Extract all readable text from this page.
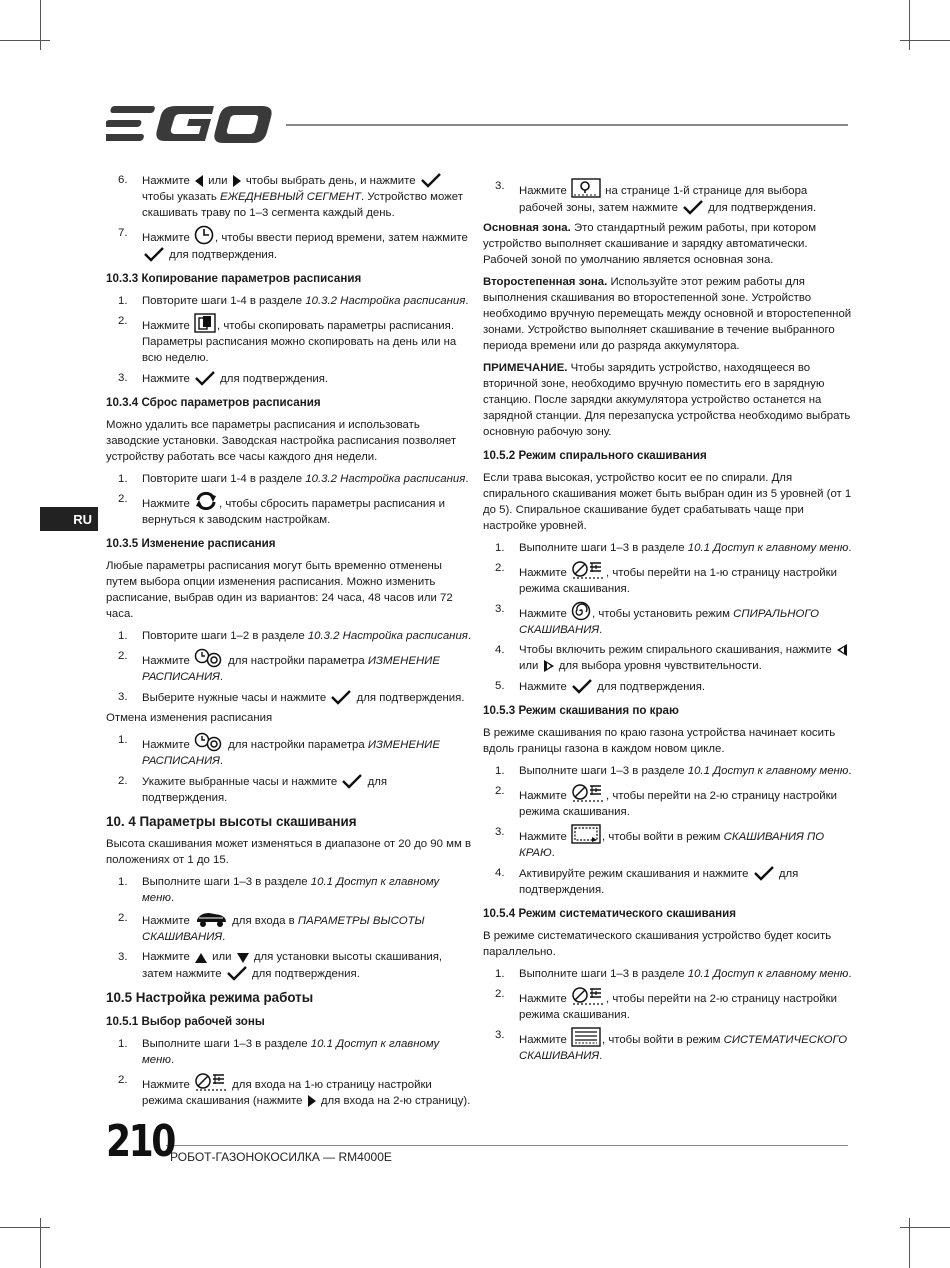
RU
6.	Нажмите или чтобы выбрать день, и нажмите  чтобы указать ЕЖЕДНЕВНЫЙ СЕГМЕНТ. Устройство может скашивать траву по 1–3 сегмента каждый день.
7.	Нажмите , чтобы ввести период времени, затем нажмите  для подтверждения.
10.3.3 Копирование параметров расписания
1.	Повторите шаги 1-4 в разделе 10.3.2 Настройка расписания.
2.	Нажмите , чтобы скопировать параметры расписания. Параметры расписания можно скопировать на день или на всю неделю.
3.	Нажмите	для подтверждения.
10.3.4 Сброс параметров расписания

Можно удалить все параметры расписания и использовать заводские установки. Заводская настройка расписания позволяет устройству работать все часы каждого дня недели.

1.	Повторите шаги 1-4 в разделе 10.3.2 Настройка расписания.
2.	Нажмите	, чтобы сбросить параметры расписания и вернуться к заводским настройкам.
10.3.5 Изменение расписания

Любые параметры расписания могут быть временно отменены путем выбора опции изменения расписания. Можно изменить расписание, выбрав один из вариантов: 24 часа, 48 часов или 72 часа.

1.	Повторите шаги 1–2 в разделе 10.3.2 Настройка расписания.
2.	Нажмите	для настройки параметра ИЗМЕНЕНИЕ РАСПИСАНИЯ.
3.	Выберите нужные часы и нажмите	для подтверждения.

Отмена изменения расписания

1.	Нажмите	для настройки параметра ИЗМЕНЕНИЕ РАСПИСАНИЯ.
2.	Укажите выбранные часы и нажмите	для подтверждения.
10. 4 Параметры высоты скашивания

Высота скашивания может изменяться в диапазоне от 20 до 90 мм в положениях от 1 до 15.

1.	Выполните шаги 1–3 в разделе 10.1 Доступ к главному меню.
2.	Нажмите	для входа в ПАРАМЕТРЫ ВЫСОТЫ СКАШИВАНИЯ.
3.	Нажмите или для установки высоты скашивания, затем нажмите	для подтверждения.
10.5 Настройка режима работы
10.5.1 Выбор рабочей зоны
1.	Выполните шаги 1–3 в разделе 10.1 Доступ к главному меню.
2.	Нажмите	для входа на 1-ю страницу настройки режима скашивания (нажмите для входа на 2-ю страницу).
3.	Нажмите	на странице 1-й странице для выбора рабочей зоны, затем нажмите	для подтверждения.

Основная зона. Это стандартный режим работы, при котором устройство выполняет скашивание и зарядку автоматически. Рабочей зоной по умолчанию является основная зона.

Второстепенная зона. Используйте этот режим работы для выполнения скашивания во второстепенной зоне. Устройство необходимо вручную перемещать между основной и второстепенной зонами. Устройство выполняет скашивание в течение выбранного периода времени или до разряда аккумулятора.

ПРИМЕЧАНИЕ. Чтобы зарядить устройство, находящееся во вторичной зоне, необходимо вручную поместить его в зарядную станцию. После зарядки аккумулятора устройство останется на зарядной станции. Для перезапуска устройства необходимо выбрать основную рабочую зону.

10.5.2 Режим спирального скашивания

Если трава высокая, устройство косит ее по спирали. Для спирального скашивания может быть выбран один из 5 уровней (от 1 до 5). Спиральное скашивание будет срабатывать чаще при настройке уровней.

1.	Выполните шаги 1–3 в разделе 10.1 Доступ к главному меню.
2.	Нажмите	, чтобы перейти на 1-ю страницу настройки режима скашивания.
3.	Нажмите , чтобы установить режим СПИРАЛЬНОГО СКАШИВАНИЯ.
4.	Чтобы включить режим спирального скашивания, нажмите  или для выбора уровня чувствительности.
5.	Нажмите	для подтверждения.
10.5.3 Режим скашивания по краю

В режиме скашивания по краю газона устройства начинает косить вдоль границы газона в каждом новом цикле.

1.	Выполните шаги 1–3 в разделе 10.1 Доступ к главному меню.
2.	Нажмите	, чтобы перейти на 2-ю страницу настройки режима скашивания.
3.	Нажмите	, чтобы войти в режим СКАШИВАНИЯ ПО КРАЮ.
4.	Активируйте режим скашивания и нажмите	для подтверждения.
10.5.4 Режим систематического скашивания

В режиме систематического скашивания устройство будет косить параллельно.

1.	Выполните шаги 1–3 в разделе 10.1 Доступ к главному меню.
2.	Нажмите	, чтобы перейти на 2-ю страницу настройки режима скашивания.
3.	Нажмите	, чтобы войти в режим СИСТЕМАТИЧЕСКОГО СКАШИВАНИЯ.
210
РОБОТ-ГАЗОНОКОСИЛКА — RM4000E
